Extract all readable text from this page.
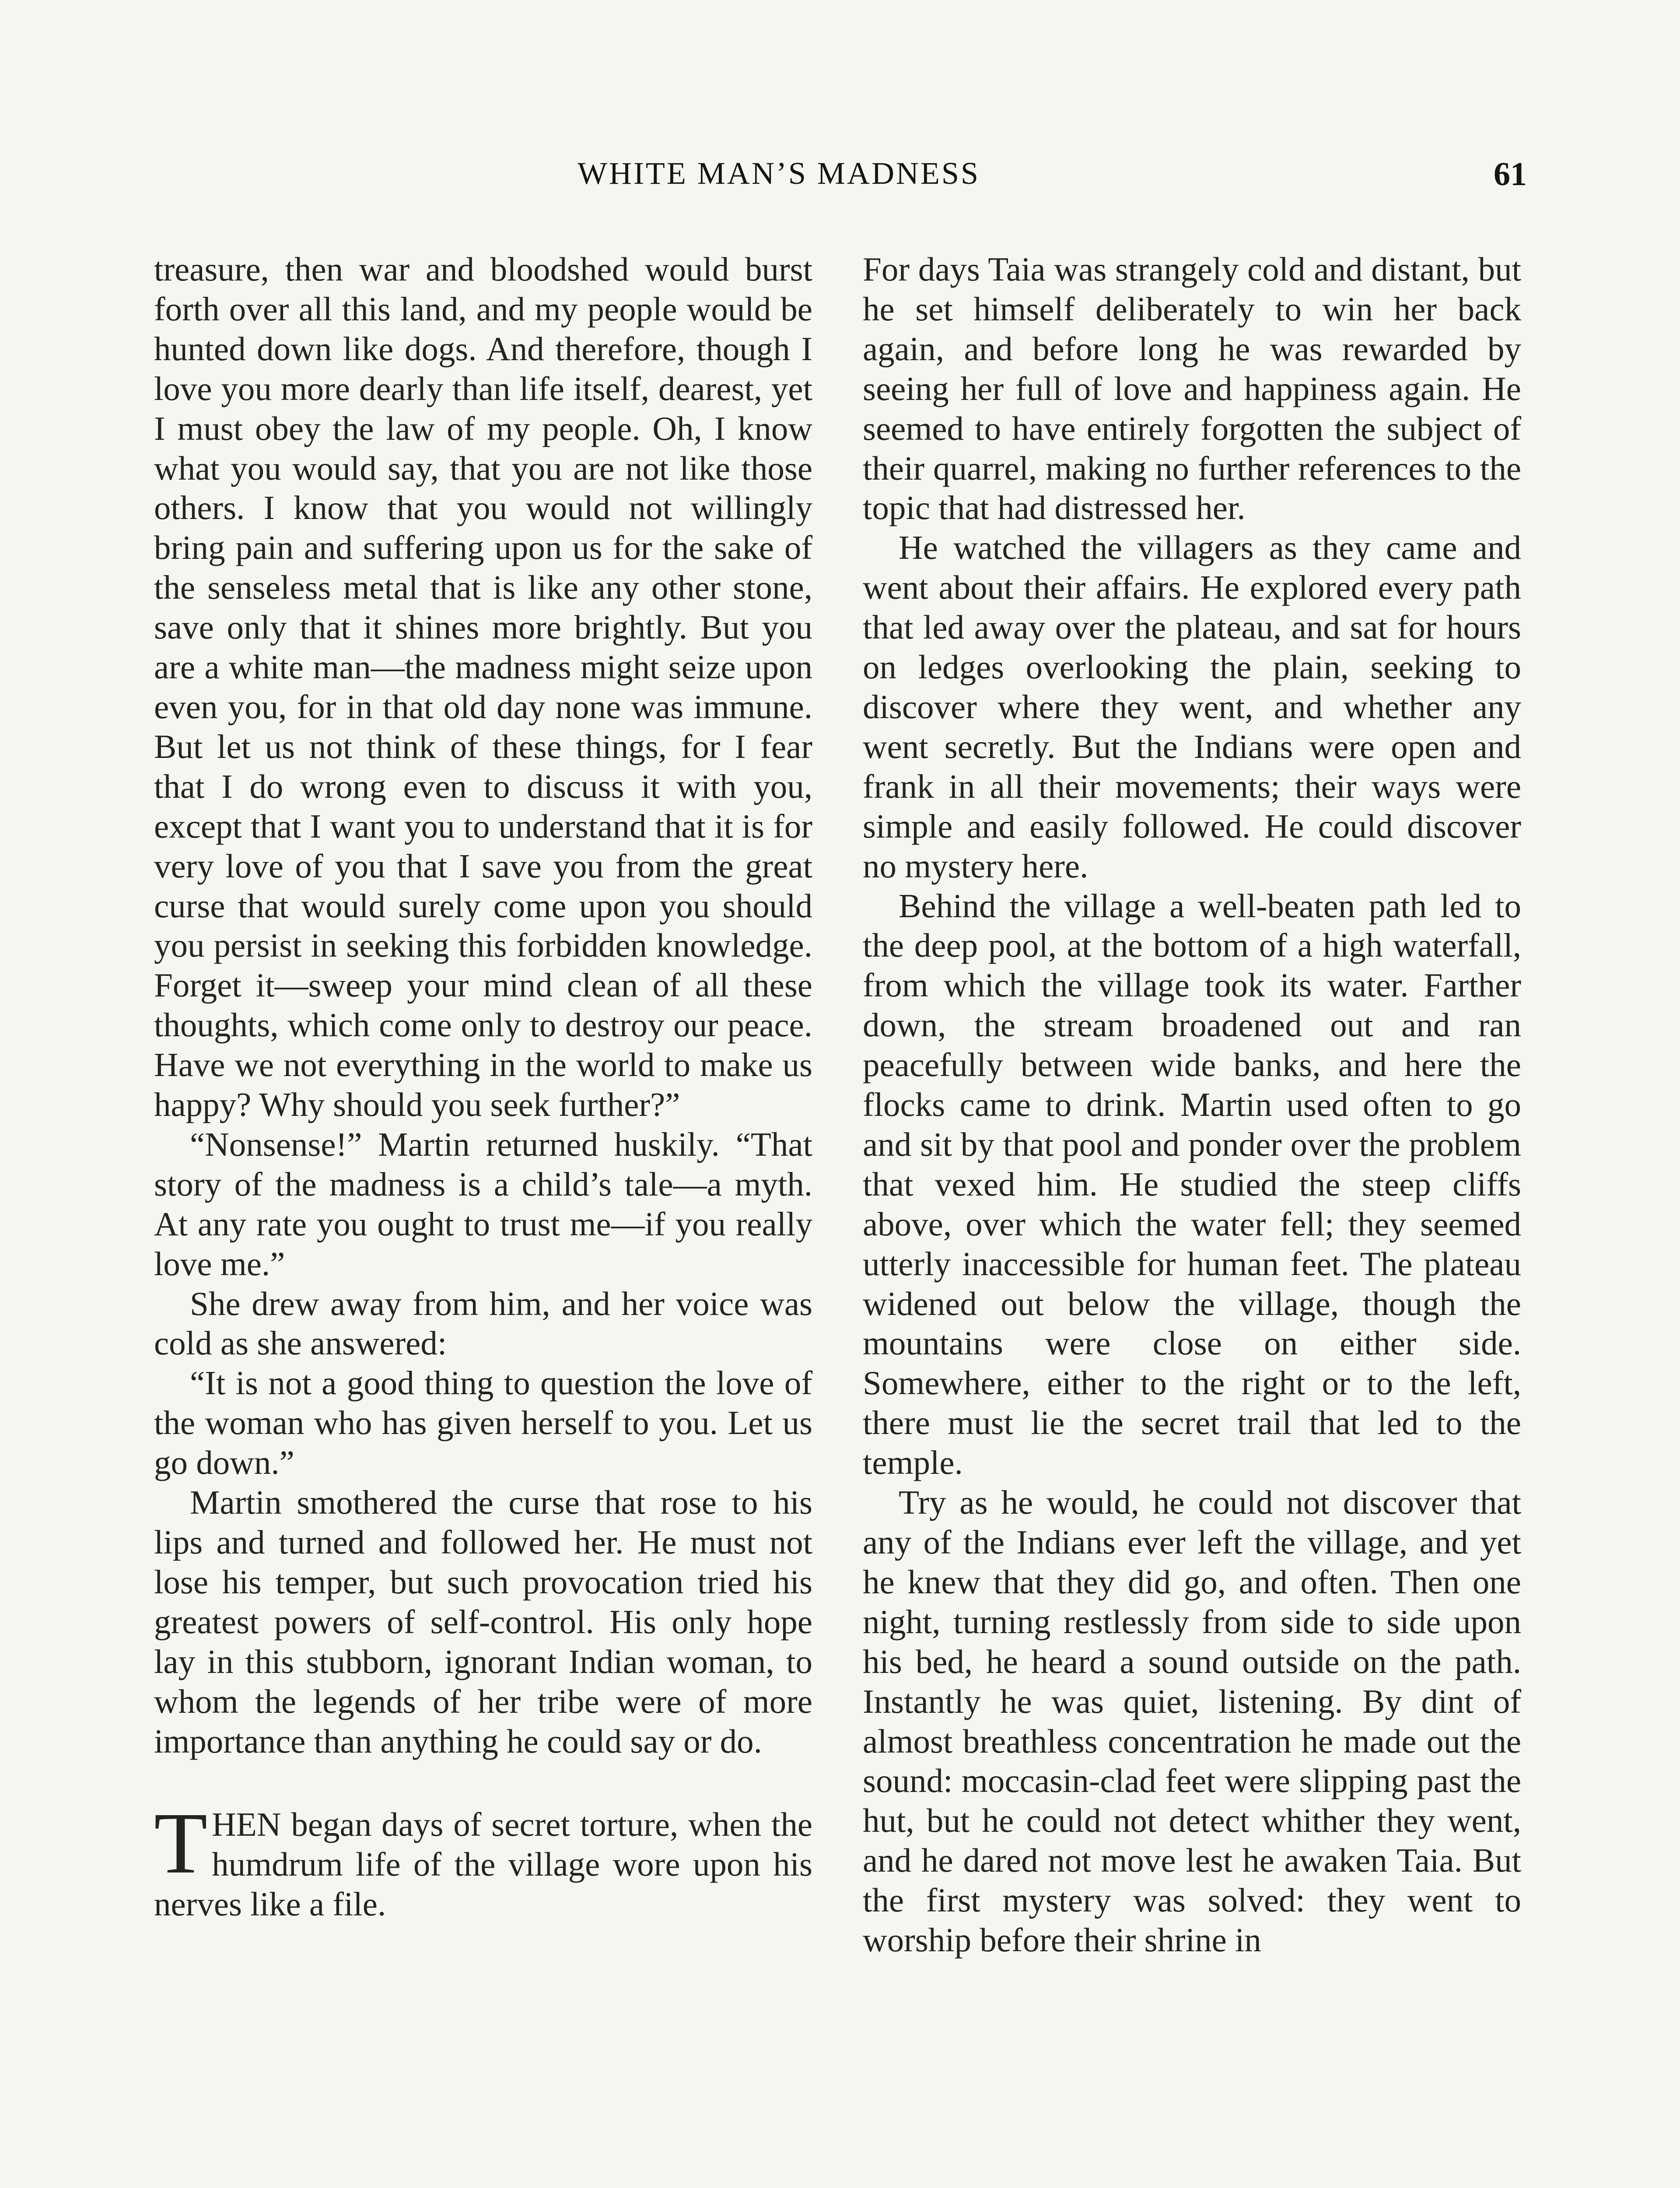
WHITE MAN’S MADNESS	61

treasure, then war and bloodshed would burst forth over all this land, and my people would be hunted down like dogs. And therefore, though I love you more dearly than life itself, dearest, yet I must obey the law of my people. Oh, I know what you would say, that you are not like those others. I know that you would not willingly bring pain and suffering upon us for the sake of the senseless metal that is like any other stone, save only that it shines more brightly. But you are a white man—the madness might seize upon even you, for in that old day none was immune. But let us not think of these things, for I fear that I do wrong even to discuss it with you, except that I want you to understand that it is for very love of you that I save you from the great curse that would surely come upon you should you persist in seeking this forbidden knowledge. Forget it—sweep your mind clean of all these thoughts, which come only to destroy our peace. Have we not everything in the world to make us happy? Why should you seek further?”

“Nonsense!” Martin returned huskily. “That story of the madness is a child’s tale—a myth. At any rate you ought to trust me—if you really love me.”

She drew away from him, and her voice was cold as she answered:

“It is not a good thing to question the love of the woman who has given herself to you. Let us go down.”

Martin smothered the curse that rose to his lips and turned and followed her. He must not lose his temper, but such provocation tried his greatest powers of self-control. His only hope lay in this stubborn, ignorant Indian woman, to whom the legends of her tribe were of more importance than anything he could say or do.

THEN began days of secret torture, when the humdrum life of the village wore upon his nerves like a file.

For days Taia was strangely cold and distant, but he set himself deliberately to win her back again, and before long he was rewarded by seeing her full of love and happiness again. He seemed to have entirely forgotten the subject of their quarrel, making no further references to the topic that had distressed her.

He watched the villagers as they came and went about their affairs. He explored every path that led away over the plateau, and sat for hours on ledges overlooking the plain, seeking to discover where they went, and whether any went secretly. But the Indians were open and frank in all their movements; their ways were simple and easily followed. He could discover no mystery here.

Behind the village a well-beaten path led to the deep pool, at the bottom of a high waterfall, from which the village took its water. Farther down, the stream broadened out and ran peacefully between wide banks, and here the flocks came to drink. Martin used often to go and sit by that pool and ponder over the problem that vexed him. He studied the steep cliffs above, over which the water fell; they seemed utterly inaccessible for human feet. The plateau widened out below the village, though the mountains were close on either side. Somewhere, either to the right or to the left, there must lie the secret trail that led to the temple.

Try as he would, he could not discover that any of the Indians ever left the village, and yet he knew that they did go, and often. Then one night, turning restlessly from side to side upon his bed, he heard a sound outside on the path. Instantly he was quiet, listening. By dint of almost breathless concentration he made out the sound: moccasin-clad feet were slipping past the hut, but he could not detect whither they went, and he dared not move lest he awaken Taia. But the first mystery was solved: they went to worship before their shrine in
